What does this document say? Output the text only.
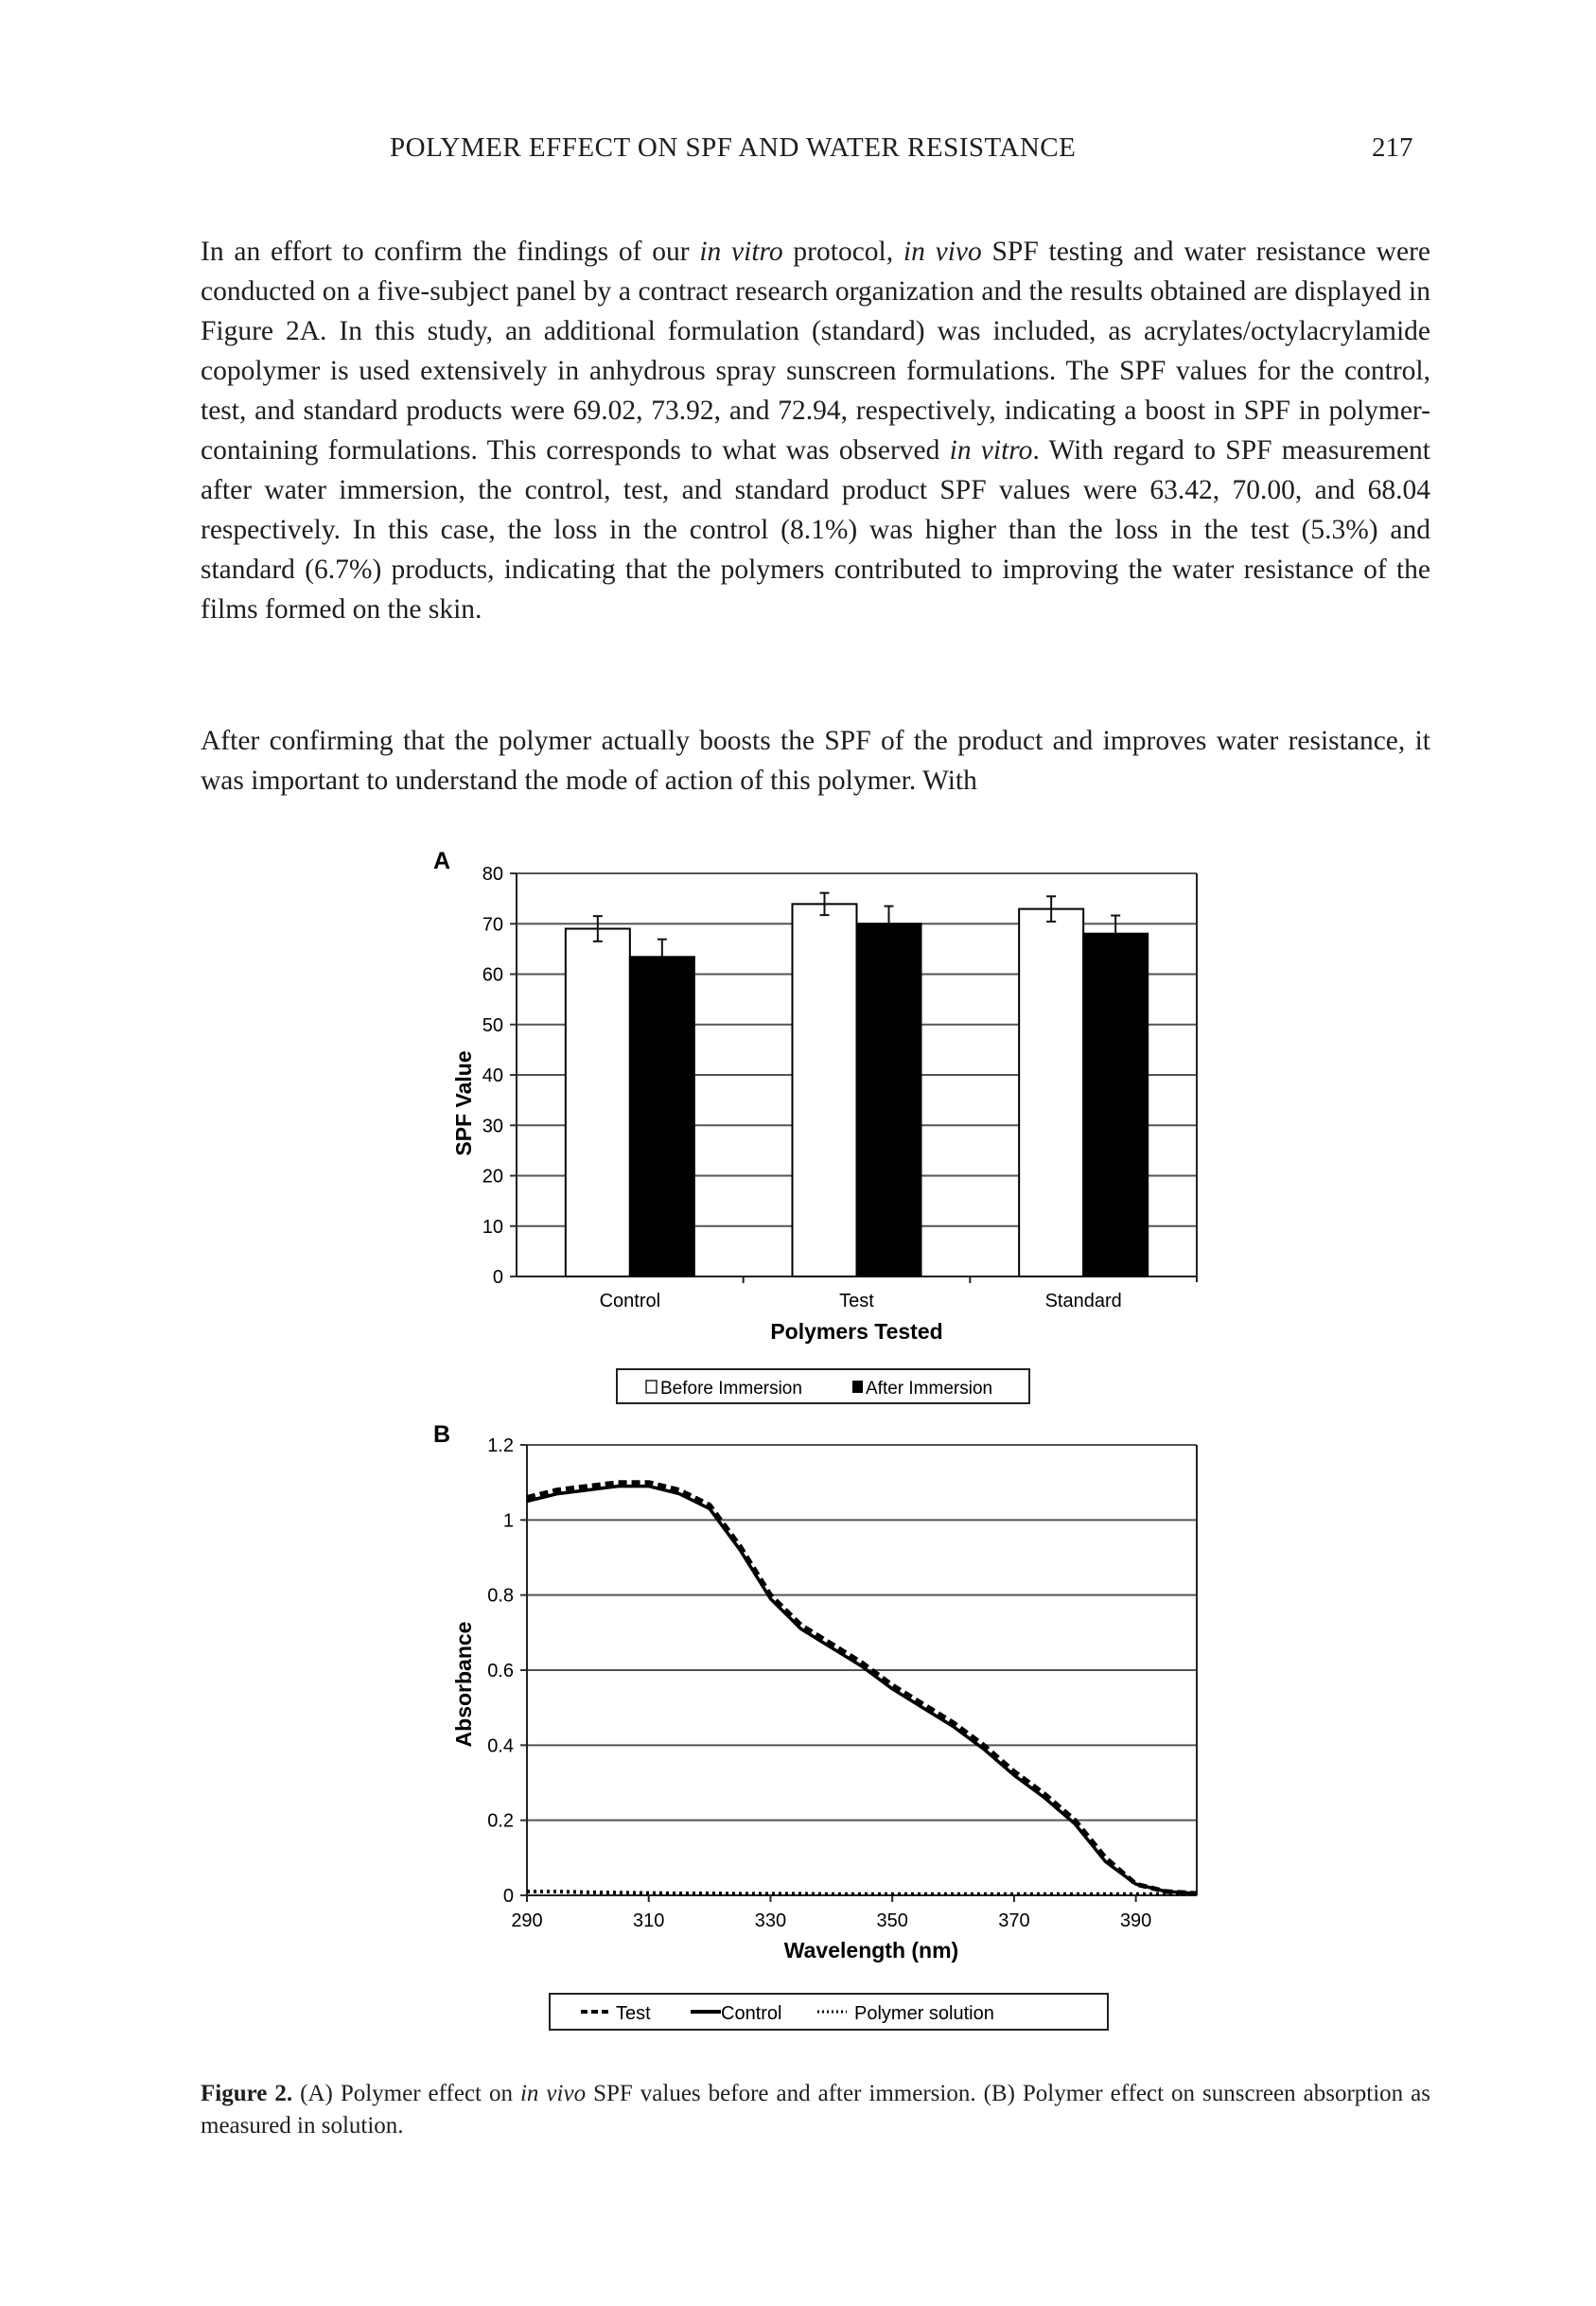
POLYMER EFFECT ON SPF AND WATER RESISTANCE	217

In an effort to confirm the findings of our in vitro protocol, in vivo SPF testing and water resistance were conducted on a five-subject panel by a contract research organization and the results obtained are displayed in Figure 2A. In this study, an additional formulation (standard) was included, as acrylates/octylacrylamide copolymer is used extensively in anhydrous spray sunscreen formulations. The SPF values for the control, test, and standard products were 69.02, 73.92, and 72.94, respectively, indicating a boost in SPF in polymer-containing formulations. This corresponds to what was observed in vitro. With regard to SPF measurement after water immersion, the control, test, and standard product SPF values were 63.42, 70.00, and 68.04 respectively. In this case, the loss in the control (8.1%) was higher than the loss in the test (5.3%) and standard (6.7%) products, indicating that the polymers contributed to improving the water resistance of the films formed on the skin.

After confirming that the polymer actually boosts the SPF of the product and improves water resistance, it was important to understand the mode of action of this polymer. With

A
0
10
20
30
40
50
60
70
80
Control	Test	Standard
Polymers Tested
SPF Value
Before Immersion	After Immersion
B
0
0.2
0.4
0.6
0.8
1
1.2
290	310	330	350	370	390
Wavelength (nm)
Absorbance
Test	Control	Polymer solution
Figure 2. (A) Polymer effect on in vivo SPF values before and after immersion. (B) Polymer effect on sunscreen absorption as measured in solution.
